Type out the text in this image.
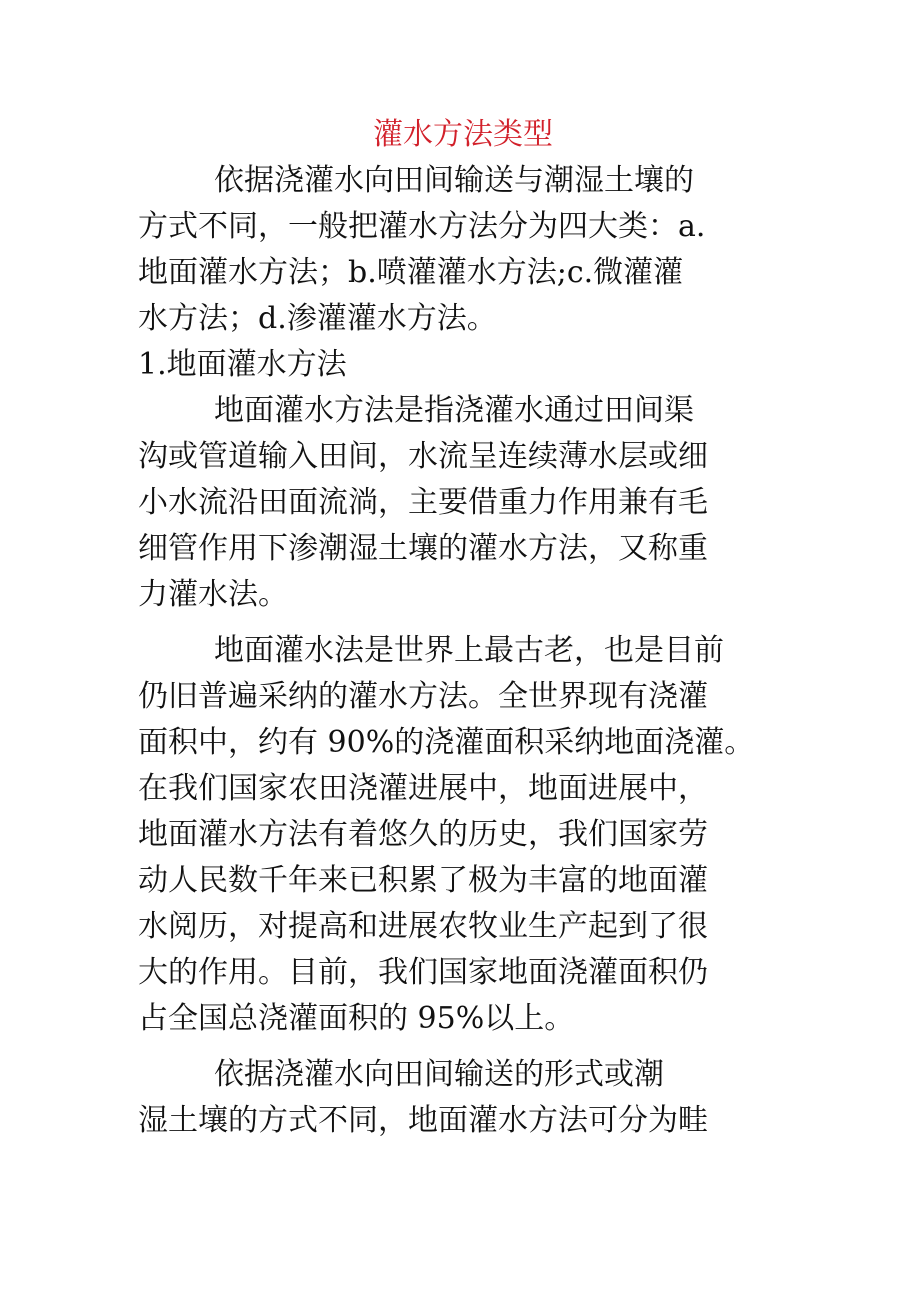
灌水方法类型
依据浇灌水向田间输送与潮湿土壤的
方式不同，一般把灌水方法分为四大类：a.
地面灌水方法；b.喷灌灌水方法;c.微灌灌
水方法；d.渗灌灌水方法。
1.地面灌水方法
地面灌水方法是指浇灌水通过田间渠
沟或管道输入田间，水流呈连续薄水层或细
小水流沿田面流淌，主要借重力作用兼有毛
细管作用下渗潮湿土壤的灌水方法，又称重
力灌水法。
地面灌水法是世界上最古老，也是目前
仍旧普遍采纳的灌水方法。全世界现有浇灌
面积中，约有 90%的浇灌面积采纳地面浇灌。
在我们国家农田浇灌进展中，地面进展中，
地面灌水方法有着悠久的历史，我们国家劳
动人民数千年来已积累了极为丰富的地面灌
水阅历，对提高和进展农牧业生产起到了很
大的作用。目前，我们国家地面浇灌面积仍
占全国总浇灌面积的 95%以上。
依据浇灌水向田间输送的形式或潮
湿土壤的方式不同，地面灌水方法可分为畦
